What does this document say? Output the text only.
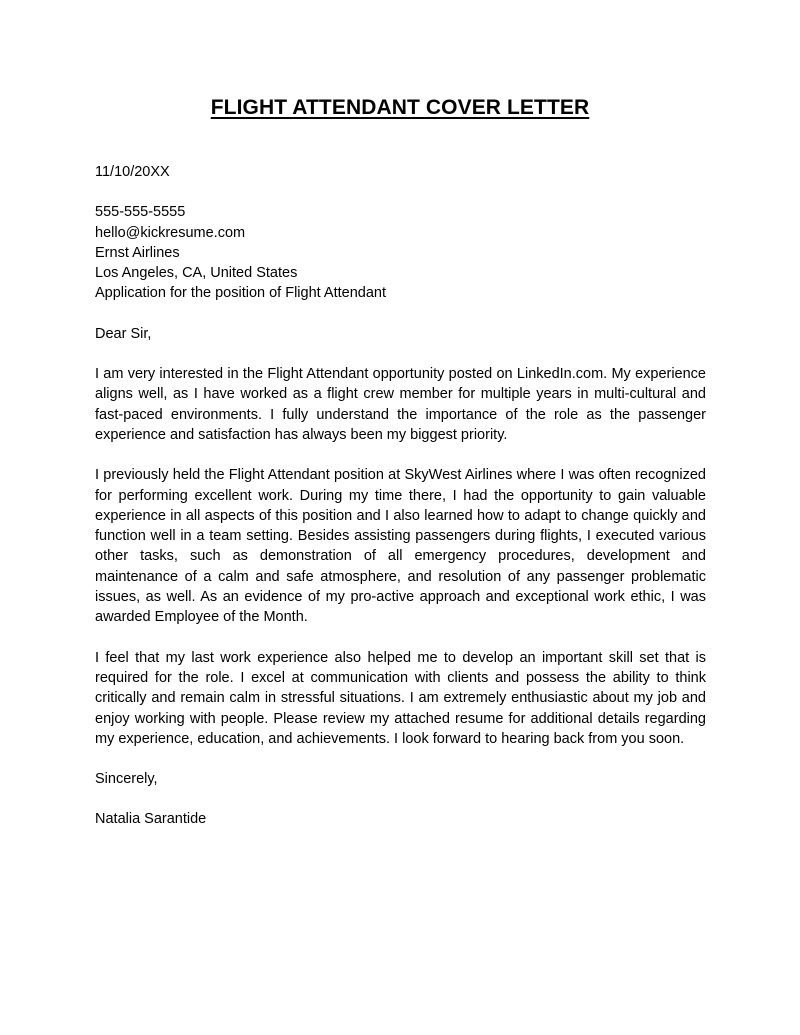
FLIGHT ATTENDANT COVER LETTER
11/10/20XX
555-555-5555
hello@kickresume.com
Ernst Airlines
Los Angeles, CA, United States
Application for the position of Flight Attendant
Dear Sir,

I am very interested in the Flight Attendant opportunity posted on LinkedIn.com. My experience aligns well, as I have worked as a flight crew member for multiple years in multi-cultural and fast-paced environments. I fully understand the importance of the role as the passenger experience and satisfaction has always been my biggest priority.

I previously held the Flight Attendant position at SkyWest Airlines where I was often recognized for performing excellent work. During my time there, I had the opportunity to gain valuable experience in all aspects of this position and I also learned how to adapt to change quickly and function well in a team setting. Besides assisting passengers during flights, I executed various other tasks, such as demonstration of all emergency procedures, development and maintenance of a calm and safe atmosphere, and resolution of any passenger problematic issues, as well. As an evidence of my pro-active approach and exceptional work ethic, I was awarded Employee of the Month.

I feel that my last work experience also helped me to develop an important skill set that is required for the role. I excel at communication with clients and possess the ability to think critically and remain calm in stressful situations. I am extremely enthusiastic about my job and enjoy working with people. Please review my attached resume for additional details regarding my experience, education, and achievements. I look forward to hearing back from you soon.

Sincerely,
Natalia Sarantide
